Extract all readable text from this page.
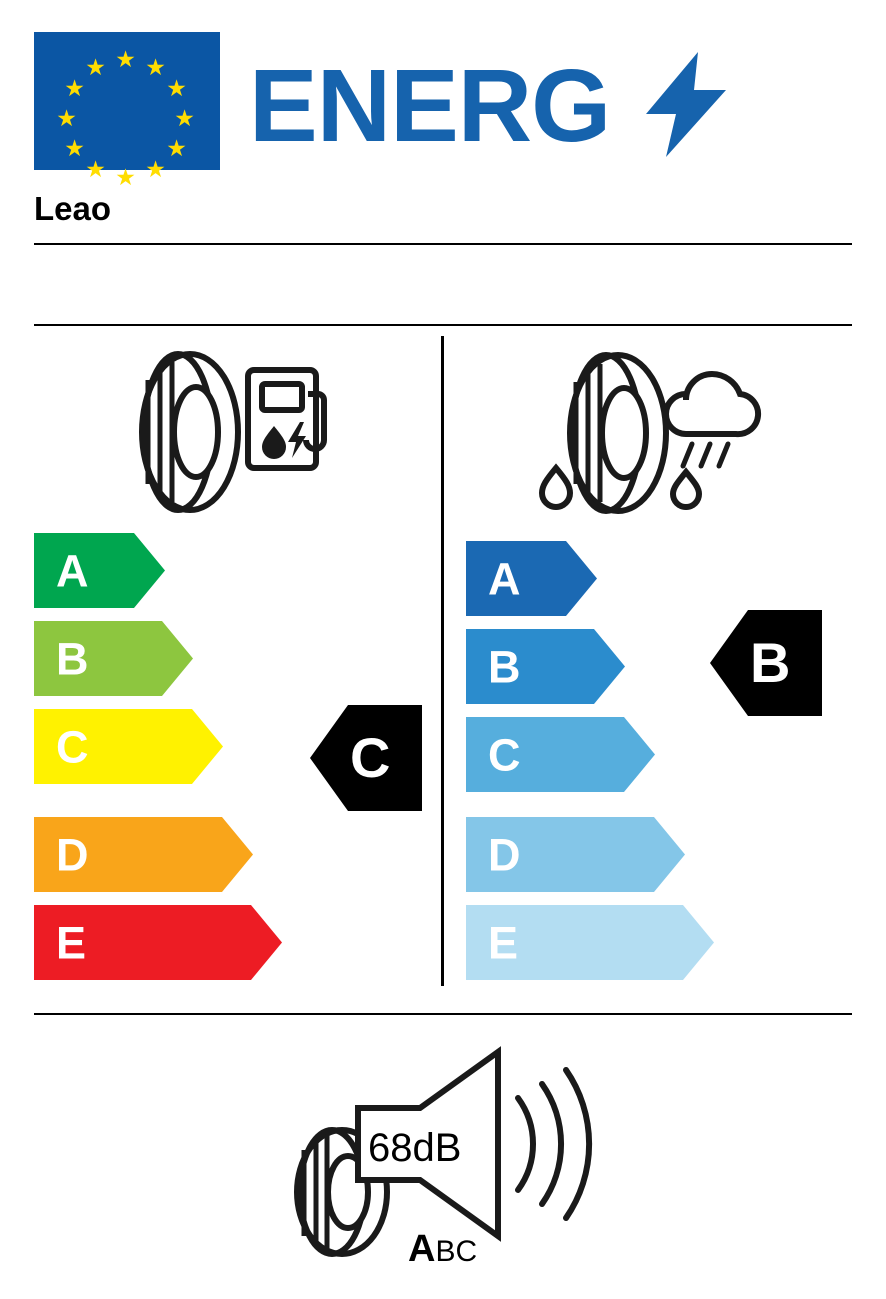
★ ★
★
★
★
★
★
★
★
★
★
★ ENERG
Leao
A
B
C
D
E
C
A
B
C
D
E
B
68dB
ABC
